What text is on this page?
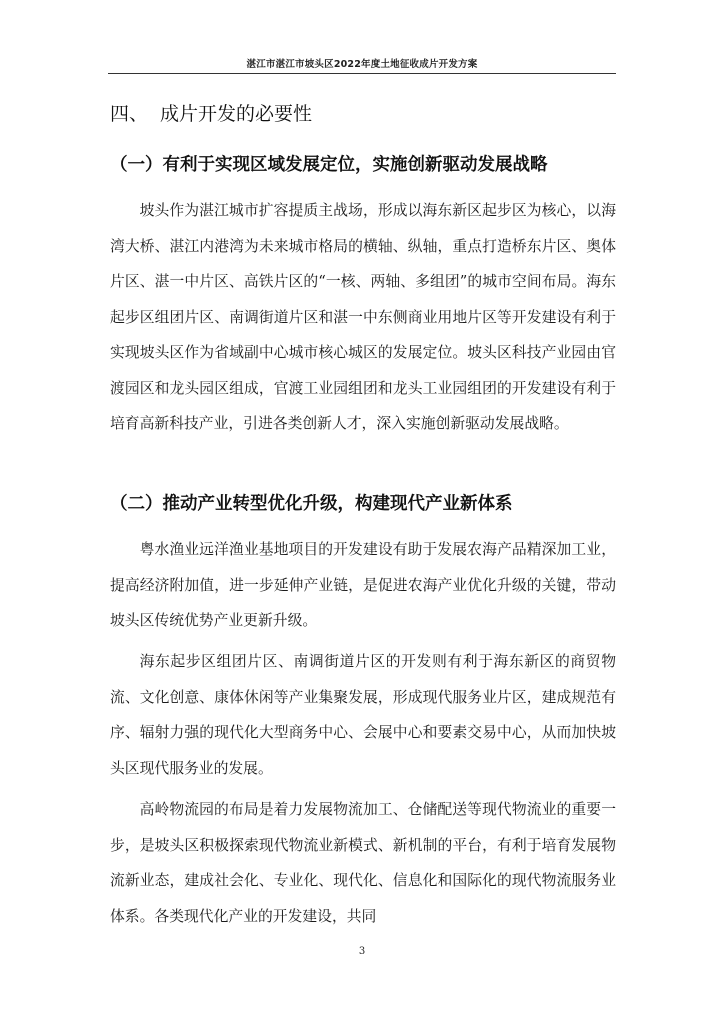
湛江市湛江市坡头区2022年度土地征收成片开发方案
四、 成片开发的必要性
（一）有利于实现区域发展定位，实施创新驱动发展战略
坡头作为湛江城市扩容提质主战场，形成以海东新区起步区为核心，以海湾大桥、湛江内港湾为未来城市格局的横轴、纵轴，重点打造桥东片区、奥体片区、湛一中片区、高铁片区的“一核、两轴、多组团”的城市空间布局。海东起步区组团片区、南调街道片区和湛一中东侧商业用地片区等开发建设有利于实现坡头区作为省域副中心城市核心城区的发展定位。坡头区科技产业园由官渡园区和龙头园区组成，官渡工业园组团和龙头工业园组团的开发建设有利于培育高新科技产业，引进各类创新人才，深入实施创新驱动发展战略。
（二）推动产业转型优化升级，构建现代产业新体系
粤水渔业远洋渔业基地项目的开发建设有助于发展农海产品精深加工业，提高经济附加值，进一步延伸产业链，是促进农海产业优化升级的关键，带动坡头区传统优势产业更新升级。
海东起步区组团片区、南调街道片区的开发则有利于海东新区的商贸物流、文化创意、康体休闲等产业集聚发展，形成现代服务业片区，建成规范有序、辐射力强的现代化大型商务中心、会展中心和要素交易中心，从而加快坡头区现代服务业的发展。
高岭物流园的布局是着力发展物流加工、仓储配送等现代物流业的重要一步，是坡头区积极探索现代物流业新模式、新机制的平台，有利于培育发展物流新业态，建成社会化、专业化、现代化、信息化和国际化的现代物流服务业体系。各类现代化产业的开发建设，共同
3
